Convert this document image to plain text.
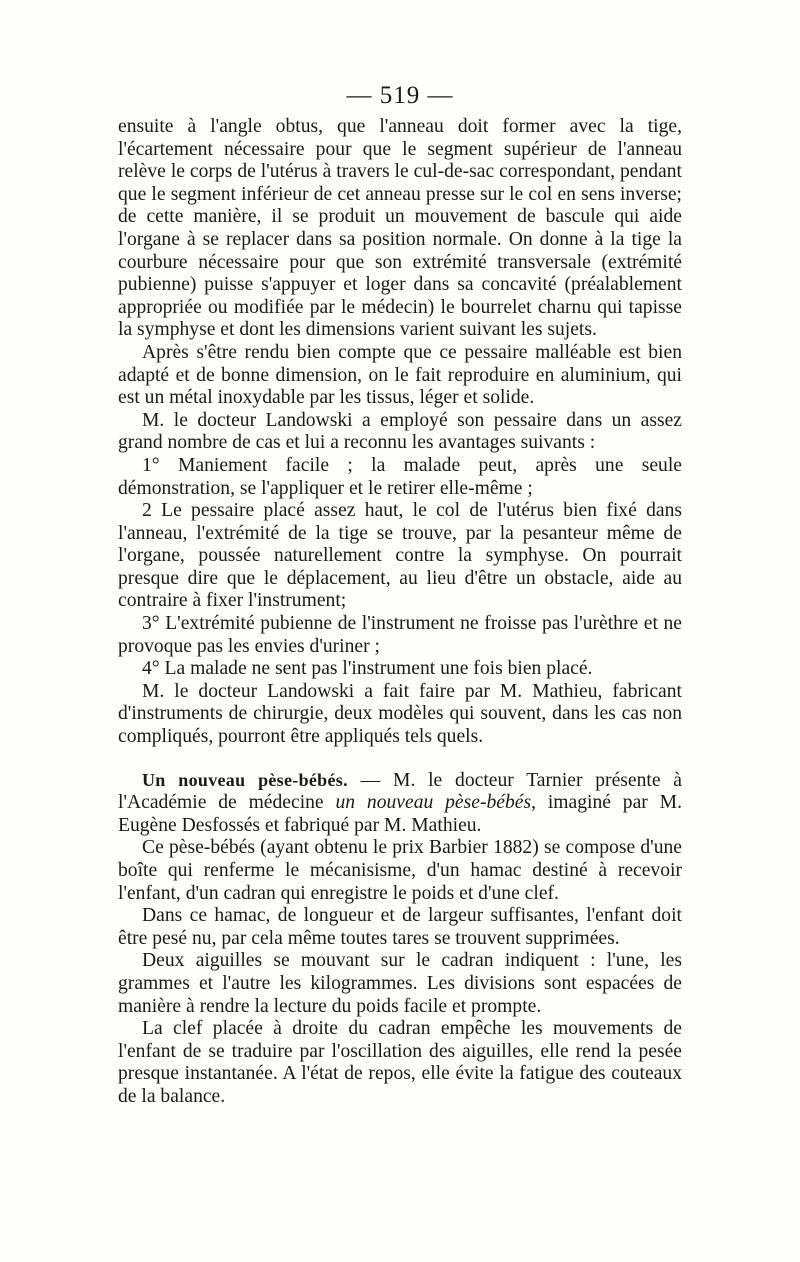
— 519 —

ensuite à l'angle obtus, que l'anneau doit former avec la tige, l'écartement nécessaire pour que le segment supérieur de l'anneau relève le corps de l'utérus à travers le cul-de-sac correspondant, pendant que le segment inférieur de cet anneau presse sur le col en sens inverse; de cette manière, il se produit un mouvement de bascule qui aide l'organe à se replacer dans sa position normale. On donne à la tige la courbure nécessaire pour que son extrémité transversale (extrémité pubienne) puisse s'appuyer et loger dans sa concavité (préalablement appropriée ou modifiée par le médecin) le bourrelet charnu qui tapisse la symphyse et dont les dimensions varient suivant les sujets.

Après s'être rendu bien compte que ce pessaire malléable est bien adapté et de bonne dimension, on le fait reproduire en aluminium, qui est un métal inoxydable par les tissus, léger et solide.

M. le docteur Landowski a employé son pessaire dans un assez grand nombre de cas et lui a reconnu les avantages suivants :

1° Maniement facile ; la malade peut, après une seule démonstration, se l'appliquer et le retirer elle-même ;

2 Le pessaire placé assez haut, le col de l'utérus bien fixé dans l'anneau, l'extrémité de la tige se trouve, par la pesanteur même de l'organe, poussée naturellement contre la symphyse. On pourrait presque dire que le déplacement, au lieu d'être un obstacle, aide au contraire à fixer l'instrument;

3° L'extrémité pubienne de l'instrument ne froisse pas l'urèthre et ne provoque pas les envies d'uriner ;

4° La malade ne sent pas l'instrument une fois bien placé.

M. le docteur Landowski a fait faire par M. Mathieu, fabricant d'instruments de chirurgie, deux modèles qui souvent, dans les cas non compliqués, pourront être appliqués tels quels.

Un nouveau pèse-bébés. — M. le docteur Tarnier présente à l'Académie de médecine un nouveau pèse-bébés, imaginé par M. Eugène Desfossés et fabriqué par M. Mathieu.

Ce pèse-bébés (ayant obtenu le prix Barbier 1882) se compose d'une boîte qui renferme le mécanisisme, d'un hamac destiné à recevoir l'enfant, d'un cadran qui enregistre le poids et d'une clef.

Dans ce hamac, de longueur et de largeur suffisantes, l'enfant doit être pesé nu, par cela même toutes tares se trouvent supprimées.

Deux aiguilles se mouvant sur le cadran indiquent : l'une, les grammes et l'autre les kilogrammes. Les divisions sont espacées de manière à rendre la lecture du poids facile et prompte.

La clef placée à droite du cadran empêche les mouvements de l'enfant de se traduire par l'oscillation des aiguilles, elle rend la pesée presque instantanée. A l'état de repos, elle évite la fatigue des couteaux de la balance.
